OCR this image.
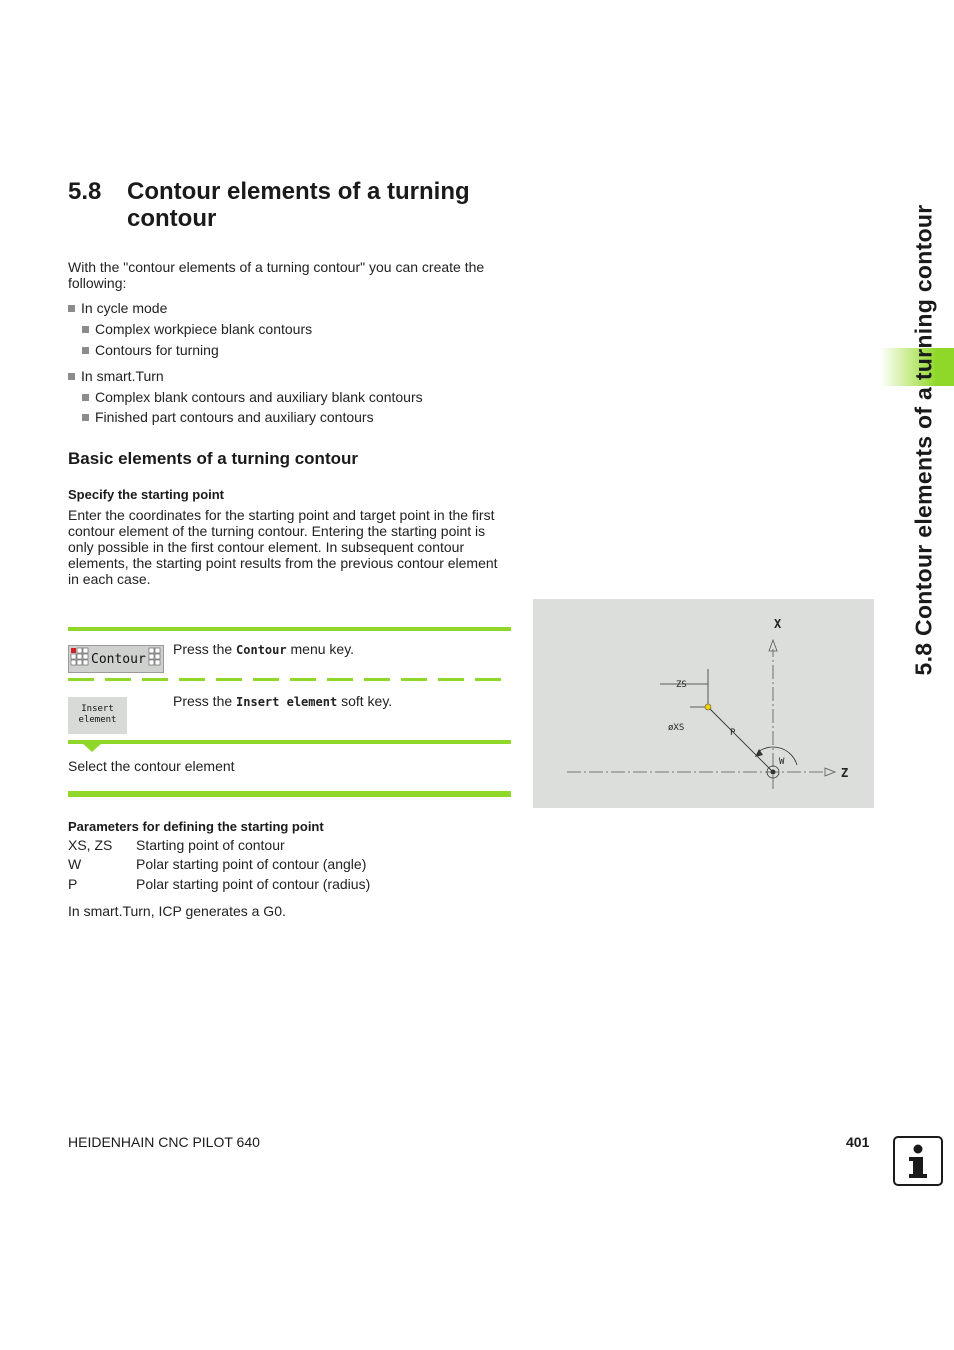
5.8 Contour elements of a turning contour
With the "contour elements of a turning contour" you can create the following:
In cycle mode
Complex workpiece blank contours
Contours for turning
In smart.Turn
Complex blank contours and auxiliary blank contours
Finished part contours and auxiliary contours
Basic elements of a turning contour
Specify the starting point
Enter the coordinates for the starting point and target point in the first contour element of the turning contour. Entering the starting point is only possible in the first contour element. In subsequent contour elements, the starting point results from the previous contour element in each case.
Contour
Press the Contour menu key.
Insert
element
Press the Insert element soft key.
Select the contour element
Parameters for defining the starting point
XS, ZS Starting point of contour
W	Polar starting point of contour (angle)
P	Polar starting point of contour (radius)
In smart.Turn, ICP generates a G0.
X
Z
ZS
øXS	P
W
5.8 Contour elements of a turning contour
HEIDENHAIN CNC PILOT 640	401
